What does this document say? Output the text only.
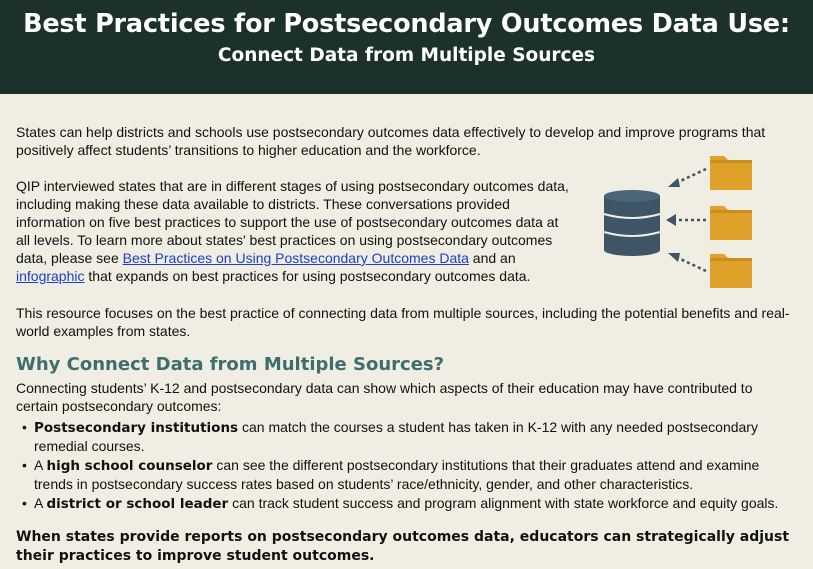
Best Practices for Postsecondary Outcomes Data Use:
Connect Data from Multiple Sources

States can help districts and schools use postsecondary outcomes data effectively to develop and improve programs that positively affect students’ transitions to higher education and the workforce.

QIP interviewed states that are in different stages of using postsecondary outcomes data, including making these data available to districts. These conversations provided information on five best practices to support the use of postsecondary outcomes data at all levels. To learn more about states' best practices on using postsecondary outcomes data, please see Best Practices on Using Postsecondary Outcomes Data and an infographic that expands on best practices for using postsecondary outcomes data.

This resource focuses on the best practice of connecting data from multiple sources, including the potential benefits and real-world examples from states.

Why Connect Data from Multiple Sources?

Connecting students’ K-12 and postsecondary data can show which aspects of their education may have contributed to certain postsecondary outcomes:

• Postsecondary institutions can match the courses a student has taken in K-12 with any needed postsecondary remedial courses.
• A high school counselor can see the different postsecondary institutions that their graduates attend and examine trends in postsecondary success rates based on students’ race/ethnicity, gender, and other characteristics.
• A district or school leader can track student success and program alignment with state workforce and equity goals.

When states provide reports on postsecondary outcomes data, educators can strategically adjust their practices to improve student outcomes.
